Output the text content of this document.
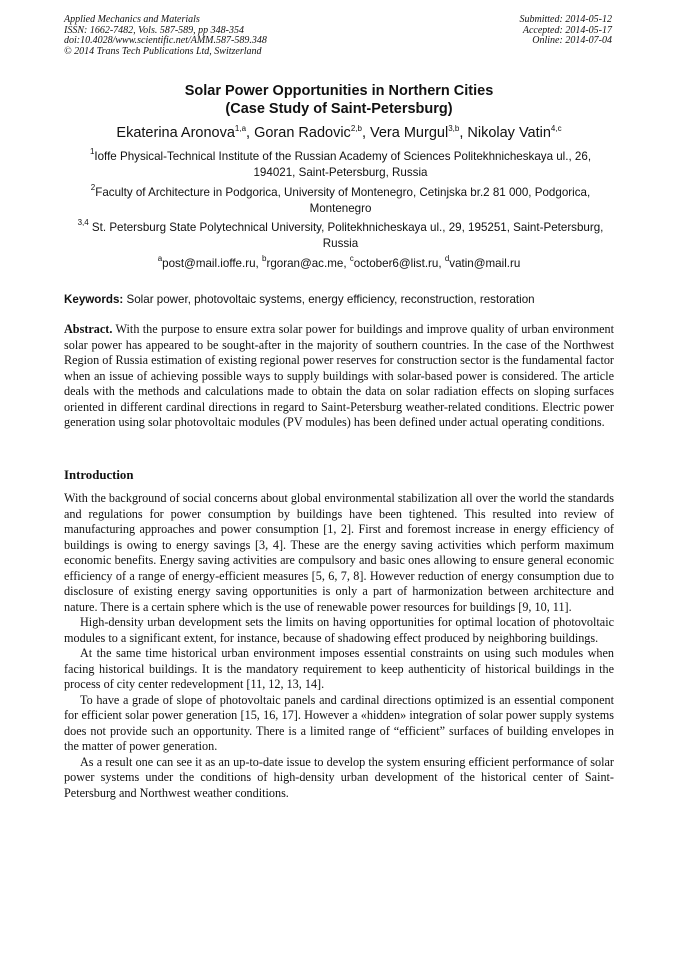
Applied Mechanics and Materials
ISSN: 1662-7482, Vols. 587-589, pp 348-354
doi:10.4028/www.scientific.net/AMM.587-589.348
© 2014 Trans Tech Publications Ltd, Switzerland
Submitted: 2014-05-12
Accepted: 2014-05-17
Online: 2014-07-04
Solar Power Opportunities in Northern Cities
(Case Study of Saint-Petersburg)
Ekaterina Aronova$^{1,a}$, Goran Radovic$^{2,b}$, Vera Murgul$^{3,b}$, Nikolay Vatin$^{4,c}$
$^1$Ioffe Physical-Technical Institute of the Russian Academy of Sciences Politekhnicheskaya ul., 26, 194021, Saint-Petersburg, Russia
$^2$Faculty of Architecture in Podgorica, University of Montenegro, Cetinjska br.2 81 000, Podgorica, Montenegro
$^{3,4}$ St. Petersburg State Polytechnical University, Politekhnicheskaya ul., 29, 195251, Saint-Petersburg, Russia
$^a$post@mail.ioffe.ru, $^b$rgoran@ac.me, $^c$october6@list.ru, $^d$vatin@mail.ru
Keywords: Solar power, photovoltaic systems, energy efficiency, reconstruction, restoration
Abstract. With the purpose to ensure extra solar power for buildings and improve quality of urban environment solar power has appeared to be sought-after in the majority of southern countries. In the case of the Northwest Region of Russia estimation of existing regional power reserves for construction sector is the fundamental factor when an issue of achieving possible ways to supply buildings with solar-based power is considered. The article deals with the methods and calculations made to obtain the data on solar radiation effects on sloping surfaces oriented in different cardinal directions in regard to Saint-Petersburg weather-related conditions. Electric power generation using solar photovoltaic modules (PV modules) has been defined under actual operating conditions.
Introduction

With the background of social concerns about global environmental stabilization all over the world the standards and regulations for power consumption by buildings have been tightened. This resulted into review of manufacturing approaches and power consumption [1, 2]. First and foremost increase in energy efficiency of buildings is owing to energy savings [3, 4]. These are the energy saving activities which perform maximum economic benefits. Energy saving activities are compulsory and basic ones allowing to ensure general economic efficiency of a range of energy-efficient measures [5, 6, 7, 8]. However reduction of energy consumption due to disclosure of existing energy saving opportunities is only a part of harmonization between architecture and nature. There is a certain sphere which is the use of renewable power resources for buildings [9, 10, 11].

High-density urban development sets the limits on having opportunities for optimal location of photovoltaic modules to a significant extent, for instance, because of shadowing effect produced by neighboring buildings.

At the same time historical urban environment imposes essential constraints on using such modules when facing historical buildings. It is the mandatory requirement to keep authenticity of historical buildings in the process of city center redevelopment [11, 12, 13, 14].

To have a grade of slope of photovoltaic panels and cardinal directions optimized is an essential component for efficient solar power generation [15, 16, 17]. However a «hidden» integration of solar power supply systems does not provide such an opportunity. There is a limited range of “efficient” surfaces of building envelopes in the matter of power generation.

As a result one can see it as an up-to-date issue to develop the system ensuring efficient performance of solar power systems under the conditions of high-density urban development of the historical center of Saint-Petersburg and Northwest weather conditions.
